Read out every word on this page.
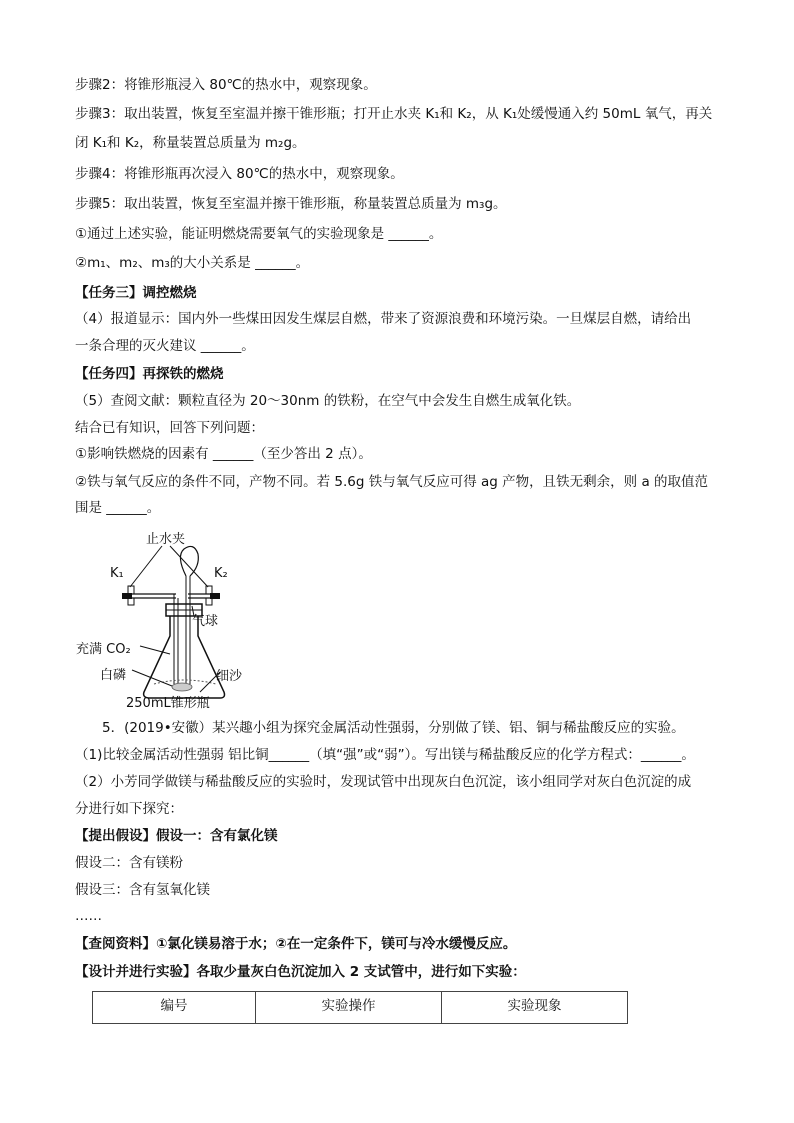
步骤2：将锥形瓶浸入 80℃的热水中，观察现象。
步骤3：取出装置，恢复至室温并擦干锥形瓶；打开止水夹 K₁和 K₂，从 K₁处缓慢通入约 50mL 氧气，再关
闭 K₁和 K₂，称量装置总质量为 m₂g。
步骤4：将锥形瓶再次浸入 80℃的热水中，观察现象。
步骤5：取出装置，恢复至室温并擦干锥形瓶，称量装置总质量为 m₃g。
①通过上述实验，能证明燃烧需要氧气的实验现象是 ______。
②m₁、m₂、m₃的大小关系是 ______。
【任务三】调控燃烧
（4）报道显示：国内外一些煤田因发生煤层自燃，带来了资源浪费和环境污染。一旦煤层自燃，请给出
一条合理的灭火建议 ______。
【任务四】再探铁的燃烧
（5）查阅文献：颗粒直径为 20～30nm 的铁粉，在空气中会发生自燃生成氧化铁。
结合已有知识，回答下列问题：
①影响铁燃烧的因素有 ______（至少答出 2 点）。
②铁与氧气反应的条件不同，产物不同。若 5.6g 铁与氧气反应可得 ag 产物，且铁无剩余，则 a 的取值范
围是 ______。
止水夹
K₁	K₂
气球
充满 CO₂
白磷	细沙
250mL锥形瓶
　　5．(2019•安徽）某兴趣小组为探究金属活动性强弱，分别做了镁、铝、铜与稀盐酸反应的实验。
（1)比较金属活动性强弱 铝比铜______（填“强”或“弱”）。写出镁与稀盐酸反应的化学方程式：______。
（2）小芳同学做镁与稀盐酸反应的实验时，发现试管中出现灰白色沉淀，该小组同学对灰白色沉淀的成
分进行如下探究：
【提出假设】假设一：含有氯化镁
假设二：含有镁粉
假设三：含有氢氧化镁
……
【查阅资料】①氯化镁易溶于水；②在一定条件下，镁可与冷水缓慢反应。
【设计并进行实验】各取少量灰白色沉淀加入 2 支试管中，进行如下实验：
编号	实验操作	实验现象
